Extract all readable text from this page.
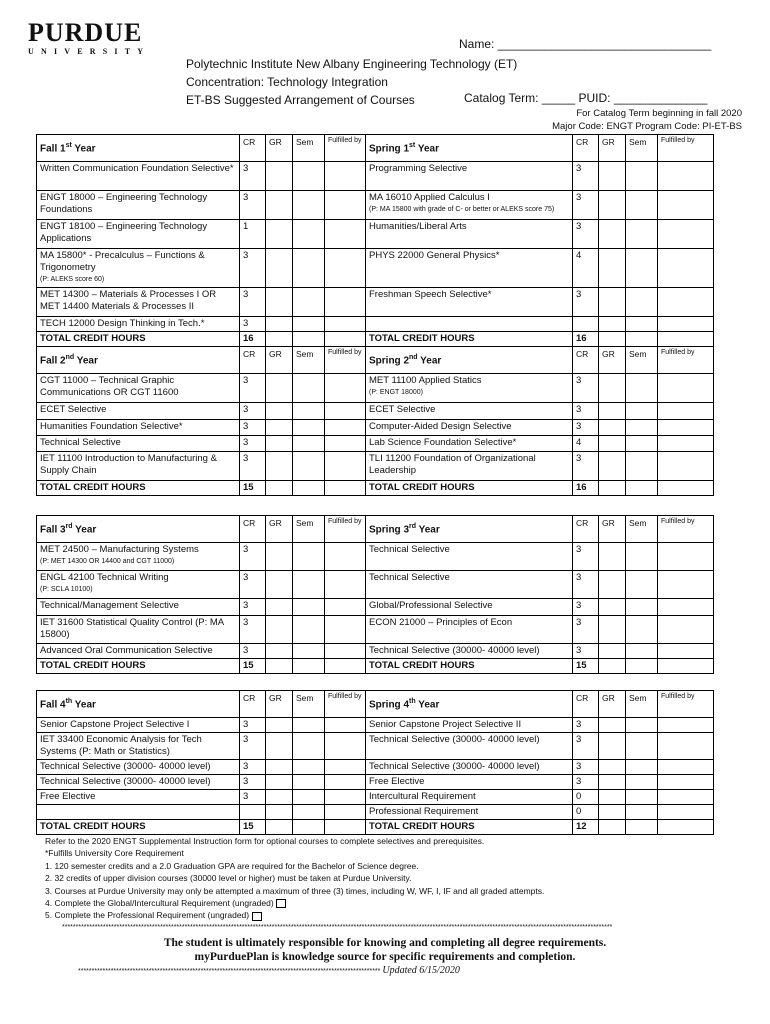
PURDUE
UNIVERSITY
Name: ________________________________
Polytechnic Institute New Albany Engineering Technology (ET)
Concentration: Technology Integration
ET-BS Suggested Arrangement of Courses	Catalog Term: _____ PUID: ______________
For Catalog Term beginning in fall 2020
Major Code: ENGT Program Code: PI-ET-BS
Fall 1st Year	CR	GR	Sem	Fulfilled by	Spring 1st Year	CR	GR	Sem	Fulfilled by

Written Communication Foundation Selective*	3				Programming Selective	3			

ENGT 18000 – Engineering Technology Foundations	3				MA 16010 Applied Calculus I
(P: MA 15800 with grade of C- or better or ALEKS score 75)	3			

ENGT 18100 – Engineering Technology Applications	1				Humanities/Liberal Arts	3			

MA 15800* - Precalculus – Functions & Trigonometry
(P: ALEKS score 60)	3				PHYS 22000 General Physics*	4			

MET 14300 – Materials & Processes I OR MET 14400 Materials & Processes II	3				Freshman Speech Selective*	3			

TECH 12000 Design Thinking in Tech.*	3				

TOTAL CREDIT HOURS	16				TOTAL CREDIT HOURS	16			
Fall 2nd Year	CR	GR	Sem	Fulfilled by	Spring 2nd Year	CR	GR	Sem	Fulfilled by

CGT 11000 – Technical Graphic Communications OR CGT 11600	3				MET 11100 Applied Statics
(P: ENGT 18000)	3			

ECET Selective	3				ECET Selective	3			

Humanities Foundation Selective*	3				Computer-Aided Design Selective	3			

Technical Selective	3				Lab Science Foundation Selective*	4			

IET 11100 Introduction to Manufacturing & Supply Chain	3				TLI 11200 Foundation of Organizational Leadership	3			
TOTAL CREDIT HOURS	15				TOTAL CREDIT HOURS	16			
Fall 3rd Year	CR	GR	Sem	Fulfilled by	Spring 3rd Year	CR	GR	Sem	Fulfilled by

MET 24500 – Manufacturing Systems
(P: MET 14300 OR 14400 and CGT 11000)	3				Technical Selective	3			

ENGL 42100 Technical Writing
(P: SCLA 10100)	3				Technical Selective	3			

Technical/Management Selective	3				Global/Professional Selective	3			

IET 31600 Statistical Quality Control (P: MA 15800)	3				ECON 21000 – Principles of Econ	3			

Advanced Oral Communication Selective	3				Technical Selective (30000- 40000 level)	3			
TOTAL CREDIT HOURS	15				TOTAL CREDIT HOURS	15			
Fall 4th Year	CR	GR	Sem	Fulfilled by	Spring 4th Year	CR	GR	Sem	Fulfilled by

Senior Capstone Project Selective I	3				Senior Capstone Project Selective II	3			

IET 33400 Economic Analysis for Tech Systems (P: Math or Statistics)	3				Technical Selective (30000- 40000 level)	3			

Technical Selective (30000- 40000 level)	3				Technical Selective (30000- 40000 level)	3			

Technical Selective (30000- 40000 level)	3				Free Elective	3			

Free Elective	3				Intercultural Requirement	0			

					Professional Requirement	0			
TOTAL CREDIT HOURS	15				TOTAL CREDIT HOURS	12			
Refer to the 2020 ENGT Supplemental Instruction form for optional courses to complete selectives and prerequisites.
*Fulfills University Core Requirement
1. 120 semester credits and a 2.0 Graduation GPA are required for the Bachelor of Science degree.
2. 32 credits of upper division courses (30000 level or higher) must be taken at Purdue University.
3. Courses at Purdue University may only be attempted a maximum of three (3) times, including W, WF, I, IF and all graded attempts.
4. Complete the Global/Intercultural Requirement (ungraded)
5. Complete the Professional Requirement (ungraded)
**********************************************************************************************************************************************************************************************************
The student is ultimately responsible for knowing and completing all degree requirements.
myPurduePlan is knowledge source for specific requirements and completion.
*************************************************************************************************************** Updated 6/15/2020
